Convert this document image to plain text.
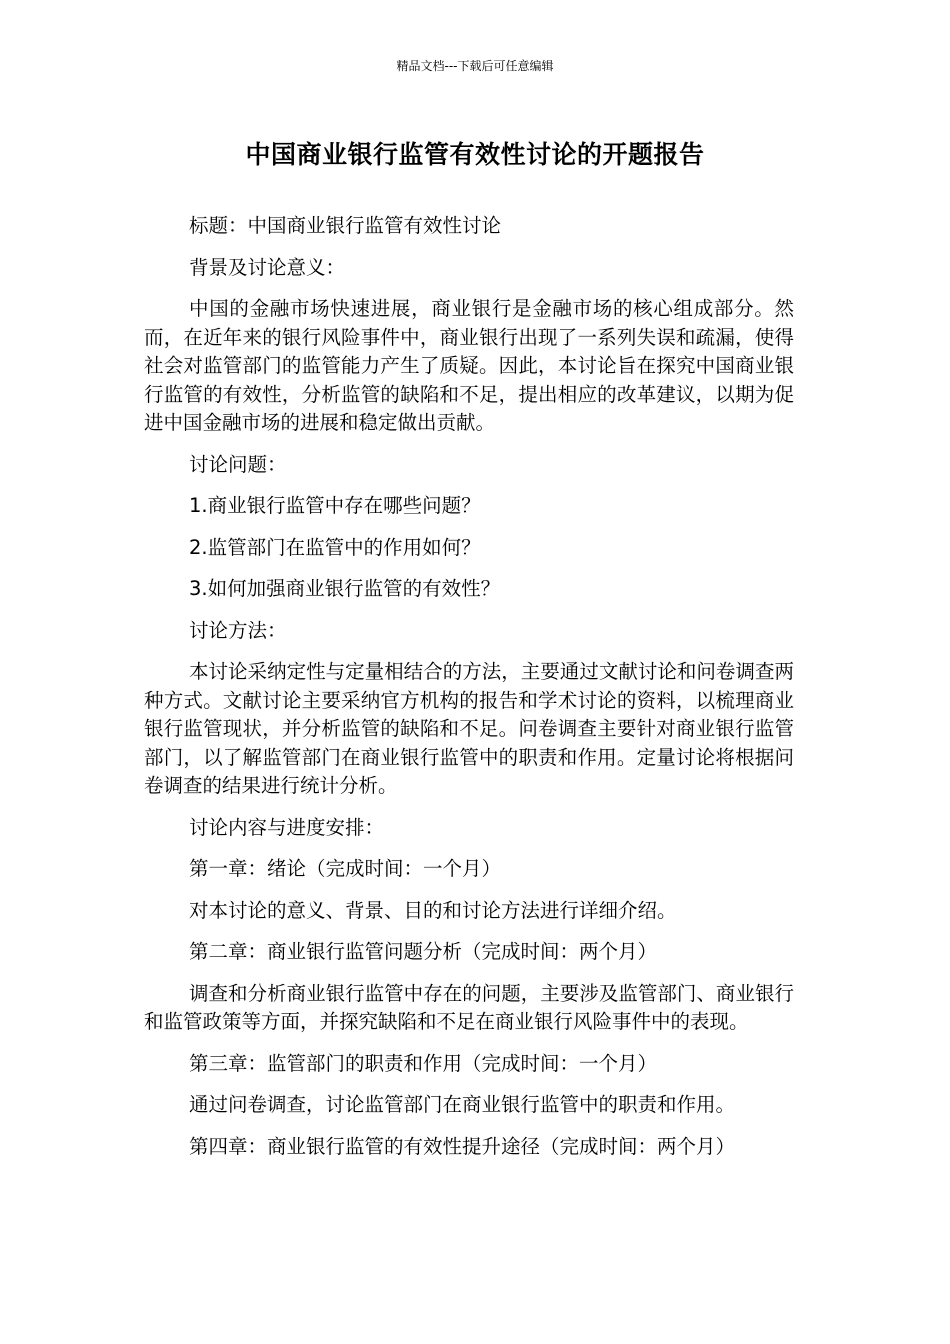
精品文档---下载后可任意编辑
中国商业银行监管有效性讨论的开题报告

标题：中国商业银行监管有效性讨论

背景及讨论意义：

中国的金融市场快速进展，商业银行是金融市场的核心组成部分。然而，在近年来的银行风险事件中，商业银行出现了一系列失误和疏漏，使得社会对监管部门的监管能力产生了质疑。因此，本讨论旨在探究中国商业银行监管的有效性，分析监管的缺陷和不足，提出相应的改革建议，以期为促进中国金融市场的进展和稳定做出贡献。

讨论问题：

1.商业银行监管中存在哪些问题？

2.监管部门在监管中的作用如何？

3.如何加强商业银行监管的有效性？

讨论方法：

本讨论采纳定性与定量相结合的方法，主要通过文献讨论和问卷调查两种方式。文献讨论主要采纳官方机构的报告和学术讨论的资料，以梳理商业银行监管现状，并分析监管的缺陷和不足。问卷调查主要针对商业银行监管部门，以了解监管部门在商业银行监管中的职责和作用。定量讨论将根据问卷调查的结果进行统计分析。

讨论内容与进度安排：

第一章：绪论（完成时间：一个月）

对本讨论的意义、背景、目的和讨论方法进行详细介绍。

第二章：商业银行监管问题分析（完成时间：两个月）

调查和分析商业银行监管中存在的问题，主要涉及监管部门、商业银行和监管政策等方面，并探究缺陷和不足在商业银行风险事件中的表现。

第三章：监管部门的职责和作用（完成时间：一个月）

通过问卷调查，讨论监管部门在商业银行监管中的职责和作用。

第四章：商业银行监管的有效性提升途径（完成时间：两个月）
